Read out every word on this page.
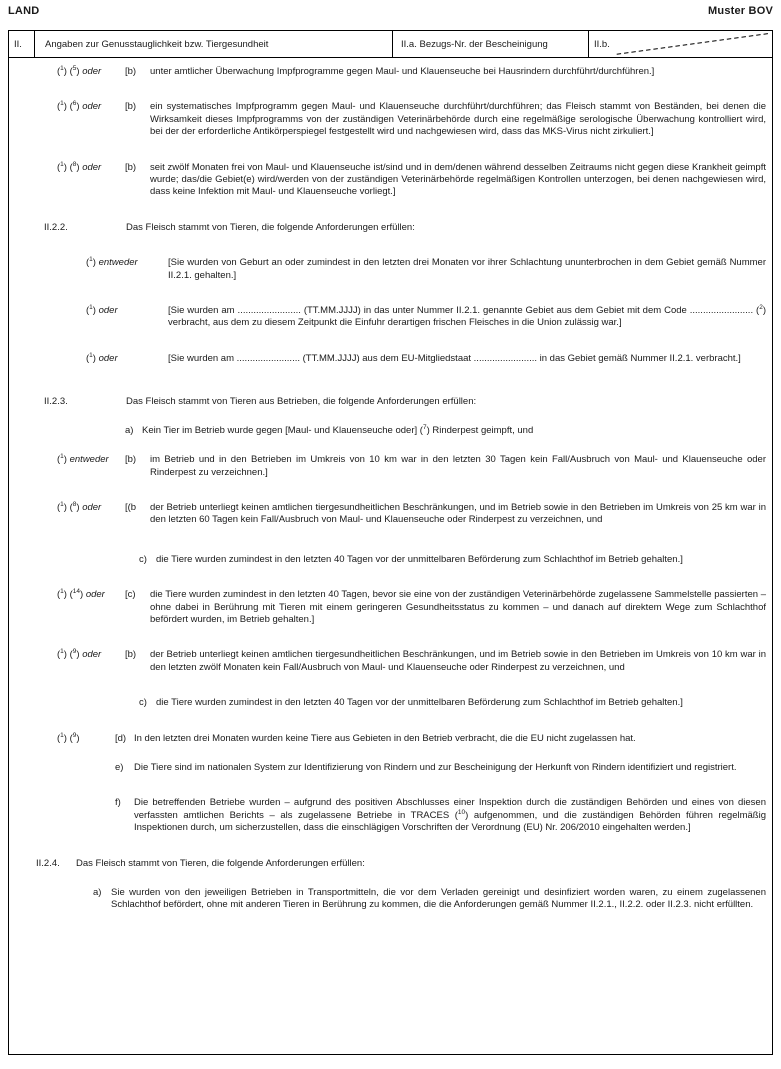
LAND	Muster BOV
II. Angaben zur Genusstauglichkeit bzw. Tiergesundheit	II.a. Bezugs-Nr. der Bescheinigung	II.b.
($^1$) ($^5$) oder	[b)	unter amtlicher Überwachung Impfprogramme gegen Maul- und Klauenseuche bei Hausrindern durchführt/durchführen.]
($^1$) ($^6$) oder	[b)	ein systematisches Impfprogramm gegen Maul- und Klauenseuche durchführt/durchführen; das Fleisch stammt von Beständen, bei denen die Wirksamkeit dieses Impfprogramms von der zuständigen Veterinärbehörde durch eine regelmäßige serologische Überwachung kontrolliert wird, bei der der erforderliche Antikörperspiegel festgestellt wird und nachgewiesen wird, dass das MKS-Virus nicht zirkuliert.]
($^1$) ($^8$) oder	[b)	seit zwölf Monaten frei von Maul- und Klauenseuche ist/sind und in dem/denen während desselben Zeitraums nicht gegen diese Krankheit geimpft wurde; das/die Gebiet(e) wird/werden von der zuständigen Veterinärbehörde regelmäßigen Kontrollen unterzogen, bei denen nachgewiesen wird, dass keine Infektion mit Maul- und Klauenseuche vorliegt.]
II.2.2.	Das Fleisch stammt von Tieren, die folgende Anforderungen erfüllen:
($^1$) entweder	[Sie wurden von Geburt an oder zumindest in den letzten drei Monaten vor ihrer Schlachtung ununterbrochen in dem Gebiet gemäß Nummer II.2.1. gehalten.]
($^1$) oder	[Sie wurden am ........................ (TT.MM.JJJJ) in das unter Nummer II.2.1. genannte Gebiet aus dem Gebiet mit dem Code ........................ ($^2$) verbracht, aus dem zu diesem Zeitpunkt die Einfuhr derartigen frischen Fleisches in die Union zulässig war.]
($^1$) oder	[Sie wurden am ........................ (TT.MM.JJJJ) aus dem EU-Mitgliedstaat ........................ in das Gebiet gemäß Nummer II.2.1. verbracht.]
II.2.3.	Das Fleisch stammt von Tieren aus Betrieben, die folgende Anforderungen erfüllen:
a) Kein Tier im Betrieb wurde gegen [Maul- und Klauenseuche oder] ($^7$) Rinderpest geimpft, und
($^1$) entweder	[b)	im Betrieb und in den Betrieben im Umkreis von 10 km war in den letzten 30 Tagen kein Fall/Ausbruch von Maul- und Klauenseuche oder Rinderpest zu verzeichnen.]
($^1$) ($^8$) oder	[(b	der Betrieb unterliegt keinen amtlichen tiergesundheitlichen Beschränkungen, und im Betrieb sowie in den Betrieben im Umkreis von 25 km war in den letzten 60 Tagen kein Fall/Ausbruch von Maul- und Klauenseuche oder Rinderpest zu verzeichnen, und
c) die Tiere wurden zumindest in den letzten 40 Tagen vor der unmittelbaren Beförderung zum Schlachthof im Betrieb gehalten.]
($^1$) ($^{14}$) oder	[c)	die Tiere wurden zumindest in den letzten 40 Tagen, bevor sie eine von der zuständigen Veterinärbehörde zugelassene Sammelstelle passierten – ohne dabei in Berührung mit Tieren mit einem geringeren Gesundheitsstatus zu kommen – und danach auf direktem Wege zum Schlachthof befördert wurden, im Betrieb gehalten.]
($^1$) ($^9$) oder	[b)	der Betrieb unterliegt keinen amtlichen tiergesundheitlichen Beschränkungen, und im Betrieb sowie in den Betrieben im Umkreis von 10 km war in den letzten zwölf Monaten kein Fall/Ausbruch von Maul- und Klauenseuche oder Rinderpest zu verzeichnen, und
c) die Tiere wurden zumindest in den letzten 40 Tagen vor der unmittelbaren Beförderung zum Schlachthof im Betrieb gehalten.]
($^1$) ($^9$)	[d) In den letzten drei Monaten wurden keine Tiere aus Gebieten in den Betrieb verbracht, die die EU nicht zugelassen hat.
e)	Die Tiere sind im nationalen System zur Identifizierung von Rindern und zur Bescheinigung der Herkunft von Rindern identifiziert und registriert.
f)	Die betreffenden Betriebe wurden – aufgrund des positiven Abschlusses einer Inspektion durch die zuständigen Behörden und eines von diesen verfassten amtlichen Berichts – als zugelassene Betriebe in TRACES ($^{10}$) aufgenommen, und die zuständigen Behörden führen regelmäßig Inspektionen durch, um sicherzustellen, dass die einschlägigen Vorschriften der Verordnung (EU) Nr. 206/2010 eingehalten werden.]
II.2.4.	Das Fleisch stammt von Tieren, die folgende Anforderungen erfüllen:
a)	Sie wurden von den jeweiligen Betrieben in Transportmitteln, die vor dem Verladen gereinigt und desinfiziert worden waren, zu einem zugelassenen Schlachthof befördert, ohne mit anderen Tieren in Berührung zu kommen, die die Anforderungen gemäß Nummer II.2.1., II.2.2. oder II.2.3. nicht erfüllten.
